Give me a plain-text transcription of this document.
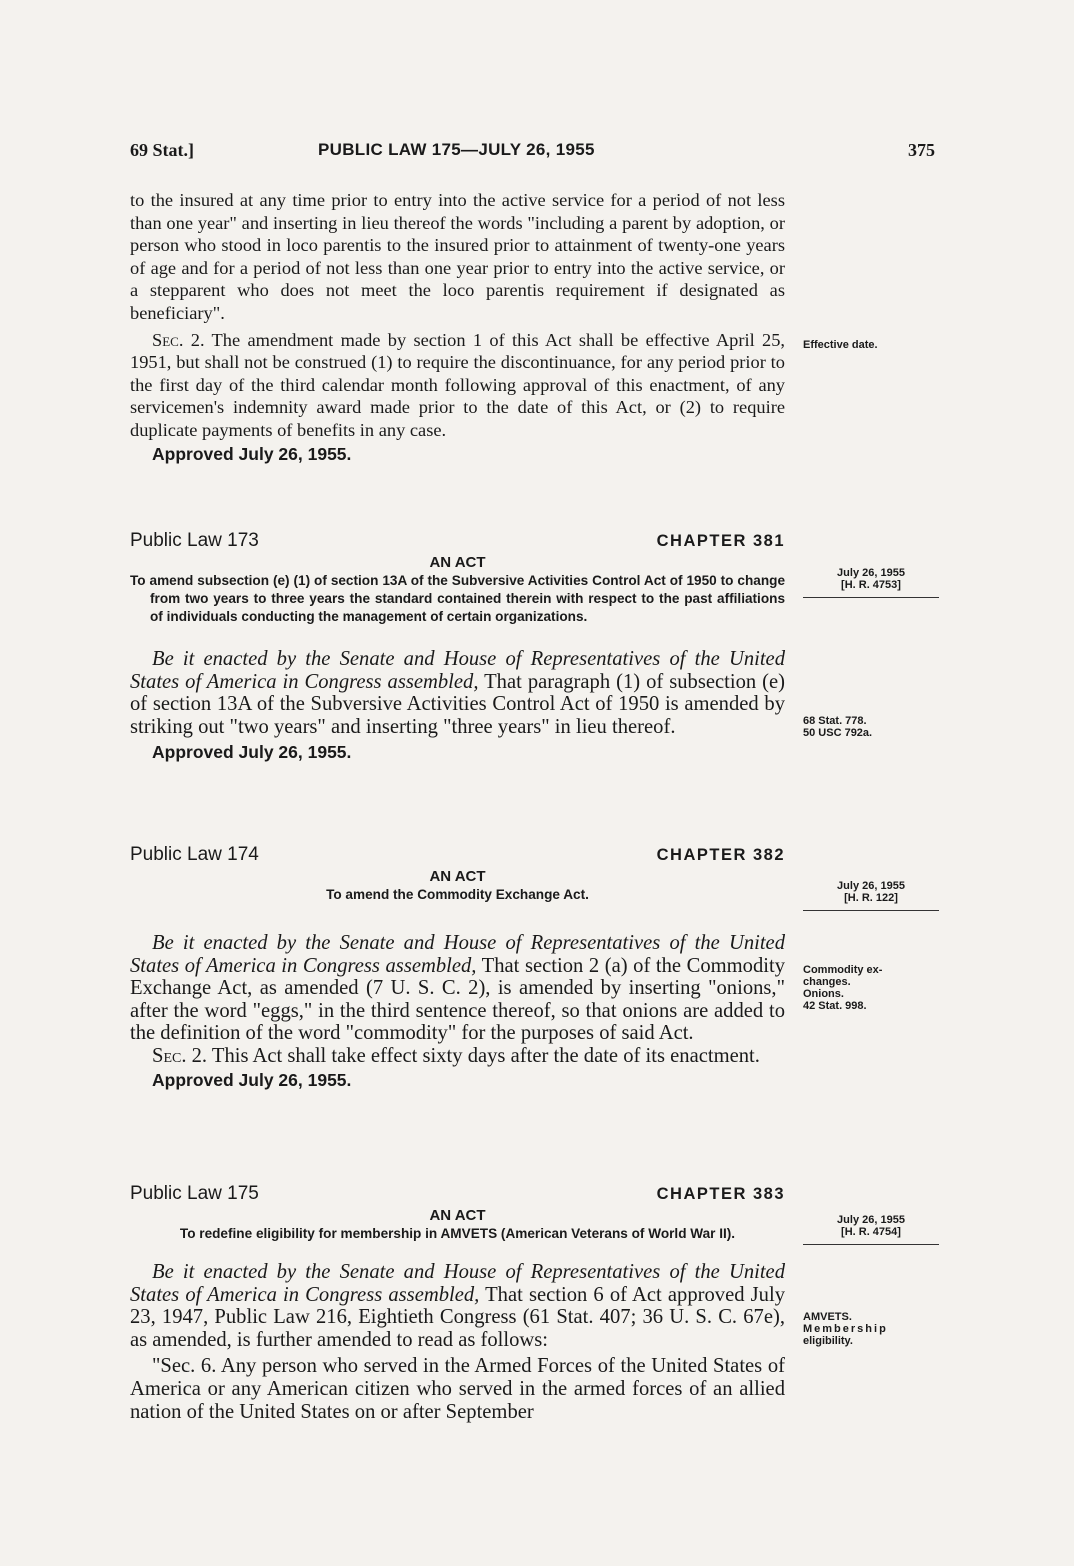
69 Stat.]	PUBLIC LAW 175—JULY 26, 1955	375

to the insured at any time prior to entry into the active service for a period of not less than one year" and inserting in lieu thereof the words "including a parent by adoption, or person who stood in loco parentis to the insured prior to attainment of twenty-one years of age and for a period of not less than one year prior to entry into the active service, or a stepparent who does not meet the loco parentis requirement if designated as beneficiary".

Sec. 2. The amendment made by section 1 of this Act shall be effective April 25, 1951, but shall not be construed (1) to require the discontinuance, for any period prior to the first day of the third calendar month following approval of this enactment, of any servicemen's indemnity award made prior to the date of this Act, or (2) to require duplicate payments of benefits in any case.

Approved July 26, 1955.
Effective date.
Public Law 173	CHAPTER 381
AN ACT
To amend subsection (e) (1) of section 13A of the Subversive Activities Control Act of 1950 to change from two years to three years the standard contained therein with respect to the past affiliations of individuals conducting the management of certain organizations.

Be it enacted by the Senate and House of Representatives of the United States of America in Congress assembled, That paragraph (1) of subsection (e) of section 13A of the Subversive Activities Control Act of 1950 is amended by striking out "two years" and inserting "three years" in lieu thereof.

Approved July 26, 1955.
July 26, 1955
[H. R. 4753]
68 Stat. 778.
50 USC 792a.
Public Law 174	CHAPTER 382
AN ACT
To amend the Commodity Exchange Act.

Be it enacted by the Senate and House of Representatives of the United States of America in Congress assembled, That section 2 (a) of the Commodity Exchange Act, as amended (7 U. S. C. 2), is amended by inserting "onions," after the word "eggs," in the third sentence thereof, so that onions are added to the definition of the word "commodity" for the purposes of said Act.

Sec. 2. This Act shall take effect sixty days after the date of its enactment.

Approved July 26, 1955.
July 26, 1955
[H. R. 122]
Commodity ex-
changes.
Onions.
42 Stat. 998.
Public Law 175	CHAPTER 383
AN ACT
To redefine eligibility for membership in AMVETS (American Veterans of World War II).

Be it enacted by the Senate and House of Representatives of the United States of America in Congress assembled, That section 6 of Act approved July 23, 1947, Public Law 216, Eightieth Congress (61 Stat. 407; 36 U. S. C. 67e), as amended, is further amended to read as follows:

"Sec. 6. Any person who served in the Armed Forces of the United States of America or any American citizen who served in the armed forces of an allied nation of the United States on or after September

July 26, 1955
[H. R. 4754]
AMVETS.
Membership
eligibility.
